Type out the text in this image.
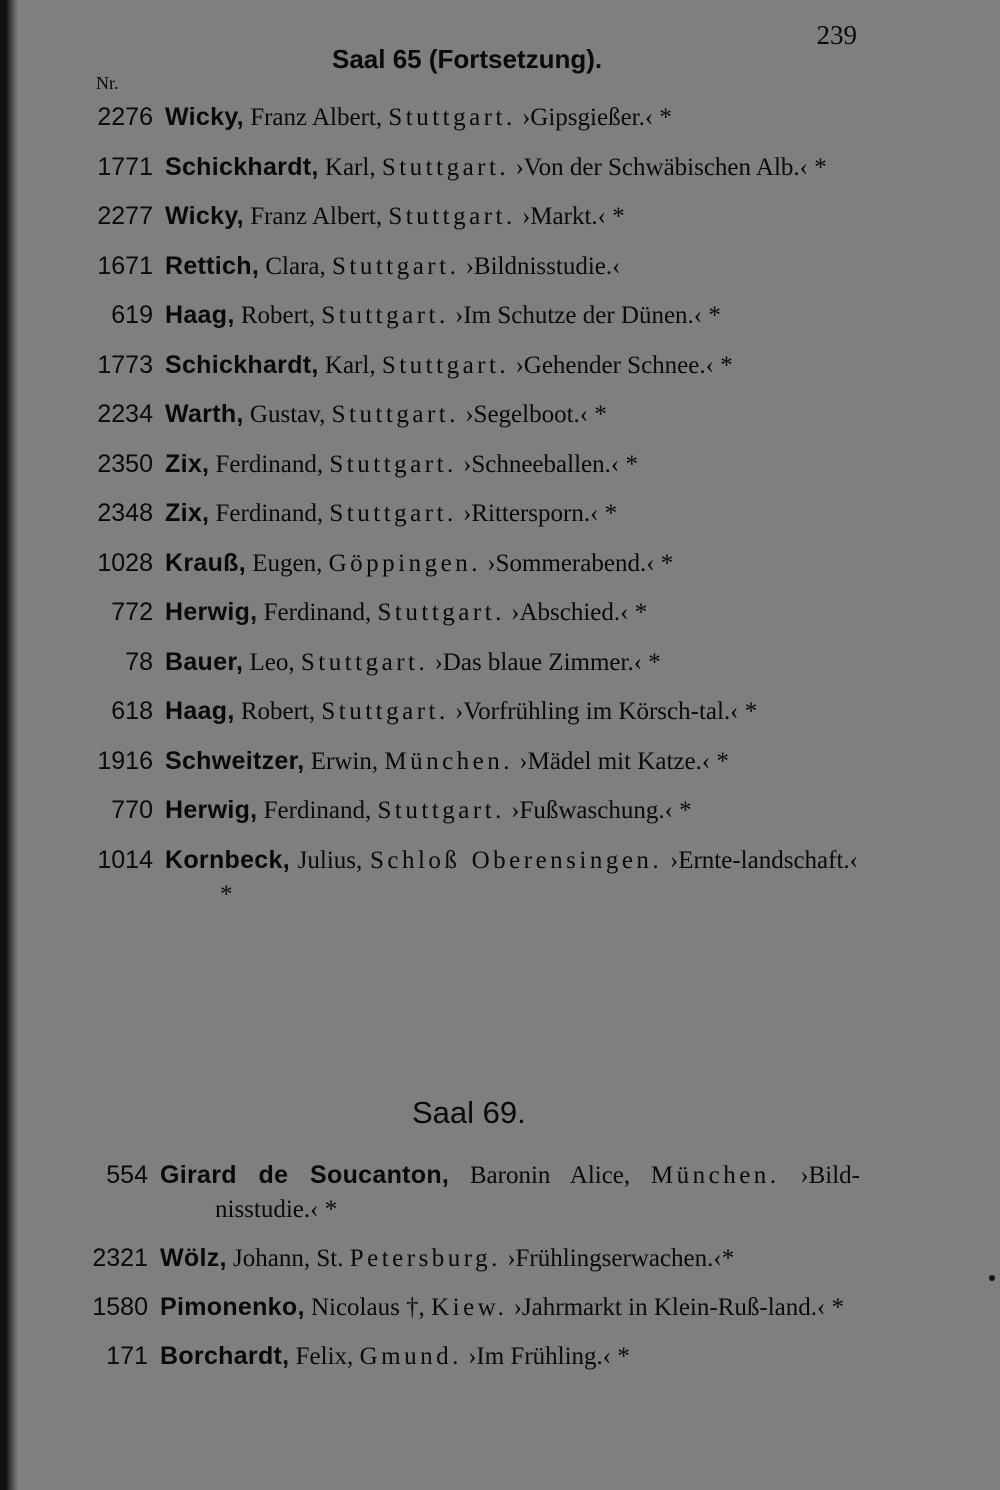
239
Saal 65 (Fortsetzung).
Nr.
2276 Wicky, Franz Albert, Stuttgart. ›Gipsgießer.‹ *
1771 Schickhardt, Karl, Stuttgart. ›Von der Schwäbischen Alb.‹ *
2277 Wicky, Franz Albert, Stuttgart. ›Markt.‹ *
1671 Rettich, Clara, Stuttgart. ›Bildnisstudie.‹
619 Haag, Robert, Stuttgart. ›Im Schutze der Dünen.‹ *
1773 Schickhardt, Karl, Stuttgart. ›Gehender Schnee.‹ *
2234 Warth, Gustav, Stuttgart. ›Segelboot.‹ *
2350 Zix, Ferdinand, Stuttgart. ›Schneeballen.‹ *
2348 Zix, Ferdinand, Stuttgart. ›Rittersporn.‹ *
1028 Krauß, Eugen, Göppingen. ›Sommerabend.‹ *
772 Herwig, Ferdinand, Stuttgart. ›Abschied.‹ *
78 Bauer, Leo, Stuttgart. ›Das blaue Zimmer.‹ *
618 Haag, Robert, Stuttgart. ›Vorfrühling im Körsch-tal.‹ *
1916 Schweitzer, Erwin, München. ›Mädel mit Katze.‹ *
770 Herwig, Ferdinand, Stuttgart. ›Fußwaschung.‹ *
1014 Kornbeck, Julius, Schloß Oberensingen. ›Ernte-landschaft.‹ *
Saal 69.
554 Girard de Soucanton, Baronin Alice, München. ›Bild-nisstudie.‹ *
2321 Wölz, Johann, St. Petersburg. ›Frühlingserwachen.‹*
1580 Pimonenko, Nicolaus †, Kiew. ›Jahrmarkt in Klein-Ruß-land.‹ *
171 Borchardt, Felix, Gmund. ›Im Frühling.‹ *
